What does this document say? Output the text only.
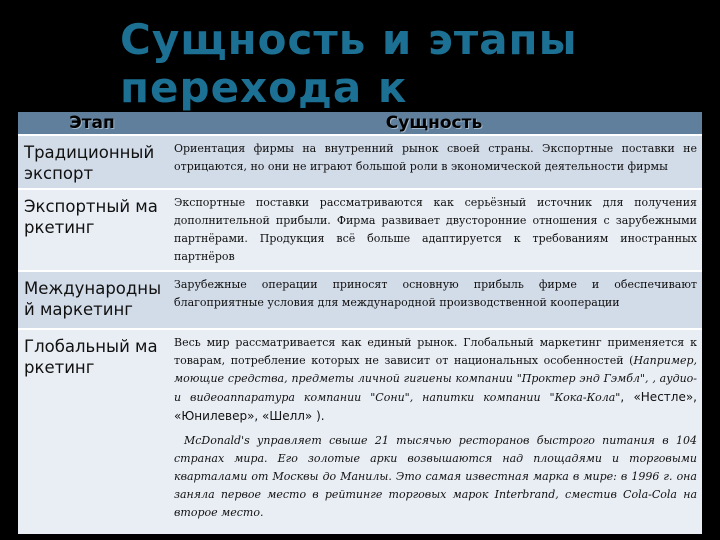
Сущность и этапы
перехода к
Этап	Сущность
Традиционный экспорт	Ориентация фирмы на внутренний рынок своей страны. Экспортные поставки не отрицаются, но они не играют большой роли в экономической деятельности фирмы
Экспортный маркетинг	Экспортные поставки рассматриваются как серьёзный источник для получения дополнительной прибыли. Фирма развивает двусторонние отношения с зарубежными партнёрами. Продукция всё больше адаптируется к требованиям иностранных партнёров
Международный маркетинг	Зарубежные операции приносят основную прибыль фирме и обеспечивают благоприятные условия для международной производственной кооперации
Глобальный маркетинг	Весь мир рассматривается как единый рынок. Глобальный маркетинг применяется к товарам, потребление которых не зависит от национальных особенностей (Например, моющие средства, предметы личной гигиены компании "Проктер энд Гэмбл", , аудио- и видеоаппаратура компании "Сони", напитки компании "Кока-Кола", «Нестле», «Юнилевер», «Шелл» ).

McDonald's управляет свыше 21 тысячью ресторанов быстрого питания в 104 странах мира. Его золотые арки возвышаются над площадями и торговыми кварталами от Москвы до Манилы. Это самая известная марка в мире: в 1996 г. она заняла первое место в рейтинге торговых марок Interbrand, сместив Cola-Cola на второе место.
